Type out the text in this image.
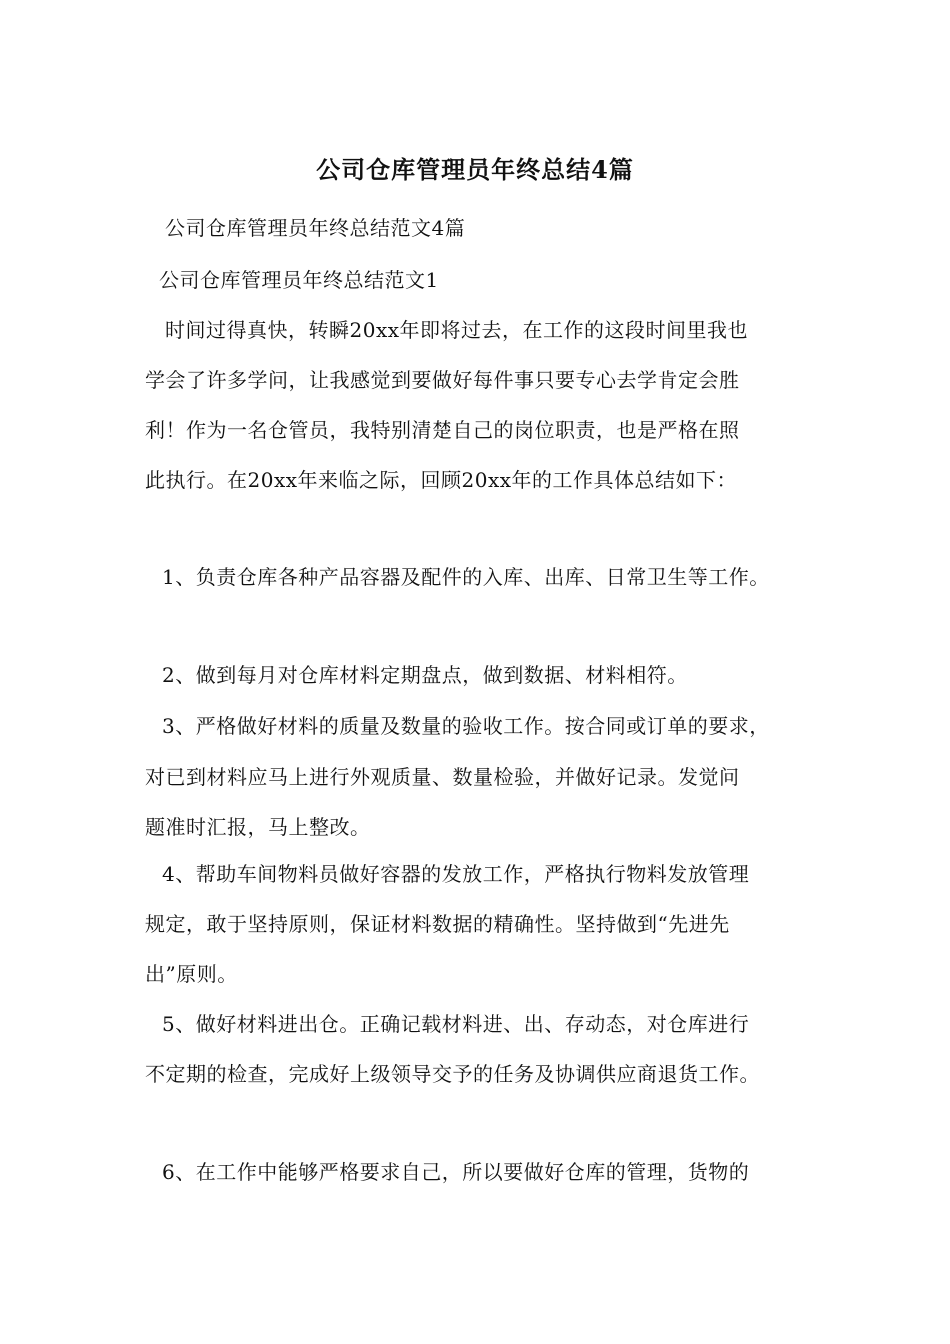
公司仓库管理员年终总结4篇
公司仓库管理员年终总结范文4篇
公司仓库管理员年终总结范文1
时间过得真快，转瞬20xx年即将过去，在工作的这段时间里我也
学会了许多学问，让我感觉到要做好每件事只要专心去学肯定会胜
利！作为一名仓管员，我特别清楚自己的岗位职责，也是严格在照
此执行。在20xx年来临之际，回顾20xx年的工作具体总结如下：
1、负责仓库各种产品容器及配件的入库、出库、日常卫生等工作。
2、做到每月对仓库材料定期盘点，做到数据、材料相符。
3、严格做好材料的质量及数量的验收工作。按合同或订单的要求，
对已到材料应马上进行外观质量、数量检验，并做好记录。发觉问
题准时汇报，马上整改。
4、帮助车间物料员做好容器的发放工作，严格执行物料发放管理
规定，敢于坚持原则，保证材料数据的精确性。坚持做到“先进先
出”原则。
5、做好材料进出仓。正确记载材料进、出、存动态，对仓库进行
不定期的检查，完成好上级领导交予的任务及协调供应商退货工作。
6、在工作中能够严格要求自己，所以要做好仓库的管理，货物的
